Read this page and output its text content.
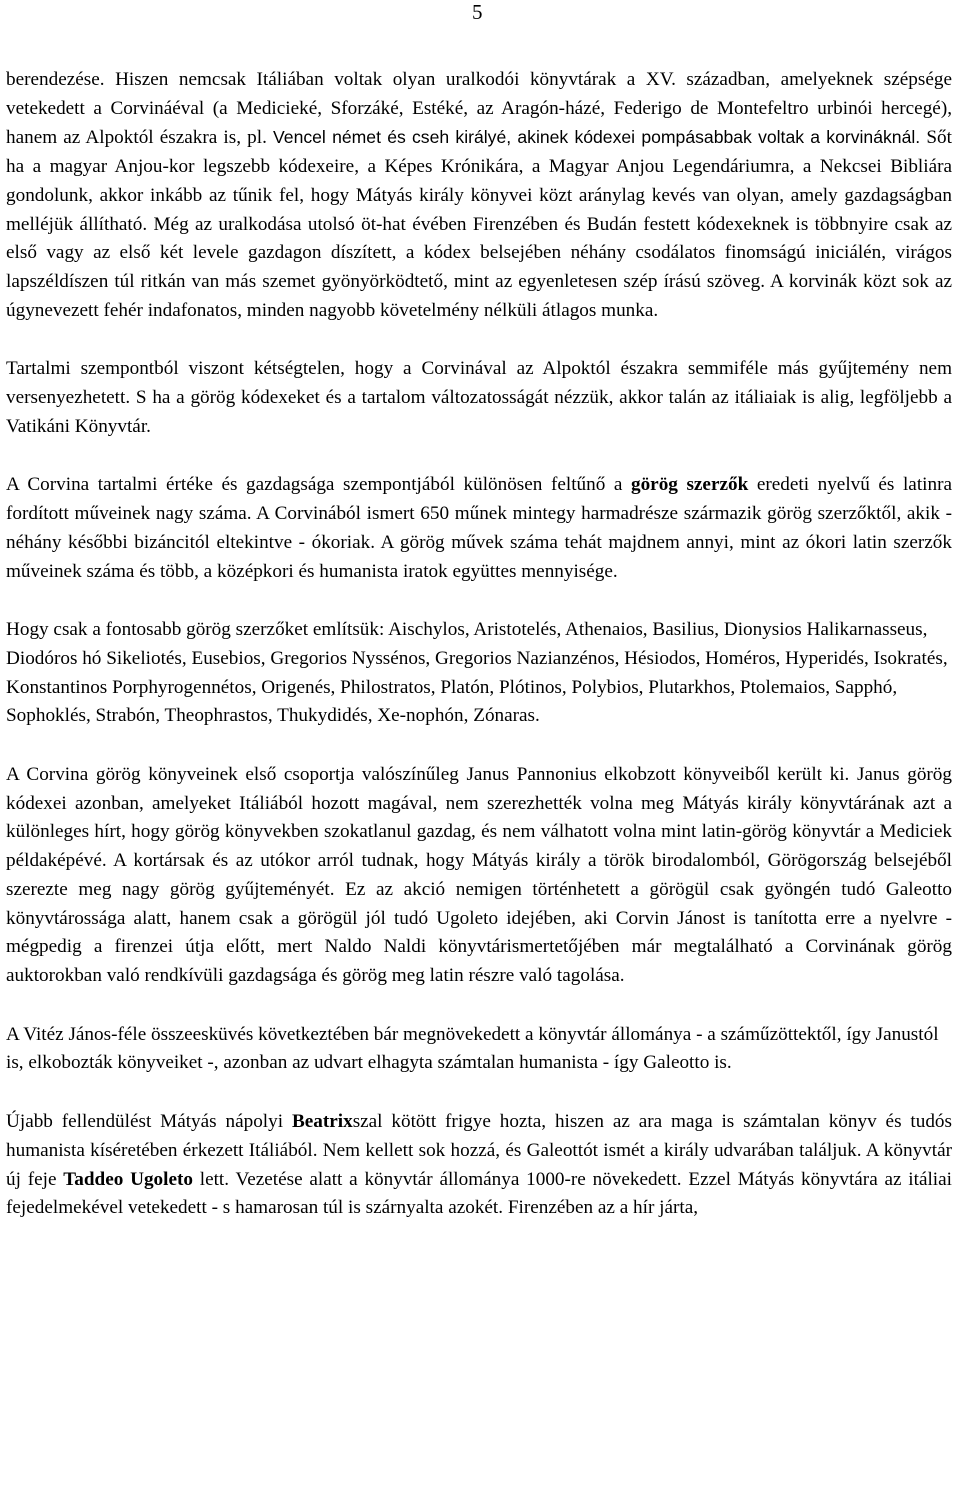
5

berendezése. Hiszen nemcsak Itáliában voltak olyan uralkodói könyvtárak a XV. században, amelyeknek szépsége vetekedett a Corvináéval (a Medicieké, Sforzáké, Estéké, az Aragón-házé, Federigo de Montefeltro urbinói hercegé), hanem az Alpoktól északra is, pl. Vencel német és cseh királyé, akinek kódexei pompásabbak voltak a korvináknál. Sőt ha a magyar Anjou-kor legszebb kódexeire, a Képes Krónikára, a Magyar Anjou Legendáriumra, a Nekcsei Bibliára gondolunk, akkor inkább az tűnik fel, hogy Mátyás király könyvei közt aránylag kevés van olyan, amely gazdagságban melléjük állítható. Még az uralkodása utolsó öt-hat évében Firenzében és Budán festett kódexeknek is többnyire csak az első vagy az első két levele gazdagon díszített, a kódex belsejében néhány csodálatos finomságú iniciálén, virágos lapszéldíszen túl ritkán van más szemet gyönyörködtető, mint az egyenletesen szép írású szöveg. A korvinák közt sok az úgynevezett fehér indafonatos, minden nagyobb követelmény nélküli átlagos munka.

Tartalmi szempontból viszont kétségtelen, hogy a Corvinával az Alpoktól északra semmiféle más gyűjtemény nem versenyezhetett. S ha a görög kódexeket és a tartalom változatosságát nézzük, akkor talán az itáliaiak is alig, legföljebb a Vatikáni Könyvtár.

A Corvina tartalmi értéke és gazdagsága szempontjából különösen feltűnő a görög szerzők eredeti nyelvű és latinra fordított műveinek nagy száma. A Corvinából ismert 650 műnek mintegy harmadrésze származik görög szerzőktől, akik - néhány későbbi bizáncitól eltekintve - ókoriak. A görög művek száma tehát majdnem annyi, mint az ókori latin szerzők műveinek száma és több, a középkori és humanista iratok együttes mennyisége.

Hogy csak a fontosabb görög szerzőket említsük: Aischylos, Aristotelés, Athenaios, Basilius, Dionysios Halikarnasseus, Diodóros hó Sikeliotés, Eusebios, Gregorios Nyssénos, Gregorios Nazianzénos, Hésiodos, Homéros, Hyperidés, Isokratés, Konstantinos Porphyrogennétos, Origenés, Philostratos, Platón, Plótinos, Polybios, Plutarkhos, Ptolemaios, Sapphó, Sophoklés, Strabón, Theophrastos, Thukydidés, Xe-nophón, Zónaras.

A Corvina görög könyveinek első csoportja valószínűleg Janus Pannonius elkobzott könyveiből került ki. Janus görög kódexei azonban, amelyeket Itáliából hozott magával, nem szerezhették volna meg Mátyás király könyvtárának azt a különleges hírt, hogy görög könyvekben szokatlanul gazdag, és nem válhatott volna mint latin-görög könyvtár a Mediciek példaképévé. A kortársak és az utókor arról tudnak, hogy Mátyás király a török birodalomból, Görögország belsejéből szerezte meg nagy görög gyűjteményét. Ez az akció nemigen történhetett a görögül csak gyöngén tudó Galeotto könyvtárossága alatt, hanem csak a görögül jól tudó Ugoleto idejében, aki Corvin Jánost is tanította erre a nyelvre - mégpedig a firenzei útja előtt, mert Naldo Naldi könyvtárismertetőjében már megtalálható a Corvinának görög auktorokban való rendkívüli gazdagsága és görög meg latin részre való tagolása.

A Vitéz János-féle összeesküvés következtében bár megnövekedett a könyvtár állománya - a száműzöttektől, így Janustól is, elkobozták könyveiket -, azonban az udvart elhagyta számtalan humanista - így Galeotto is.

Újabb fellendülést Mátyás nápolyi Beatrixszal kötött frigye hozta, hiszen az ara maga is számtalan könyv és tudós humanista kíséretében érkezett Itáliából. Nem kellett sok hozzá, és Galeottót ismét a király udvarában találjuk. A könyvtár új feje Taddeo Ugoleto lett. Vezetése alatt a könyvtár állománya 1000-re növekedett. Ezzel Mátyás könyvtára az itáliai fejedelmekével vetekedett - s hamarosan túl is szárnyalta azokét. Firenzében az a hír járta,
